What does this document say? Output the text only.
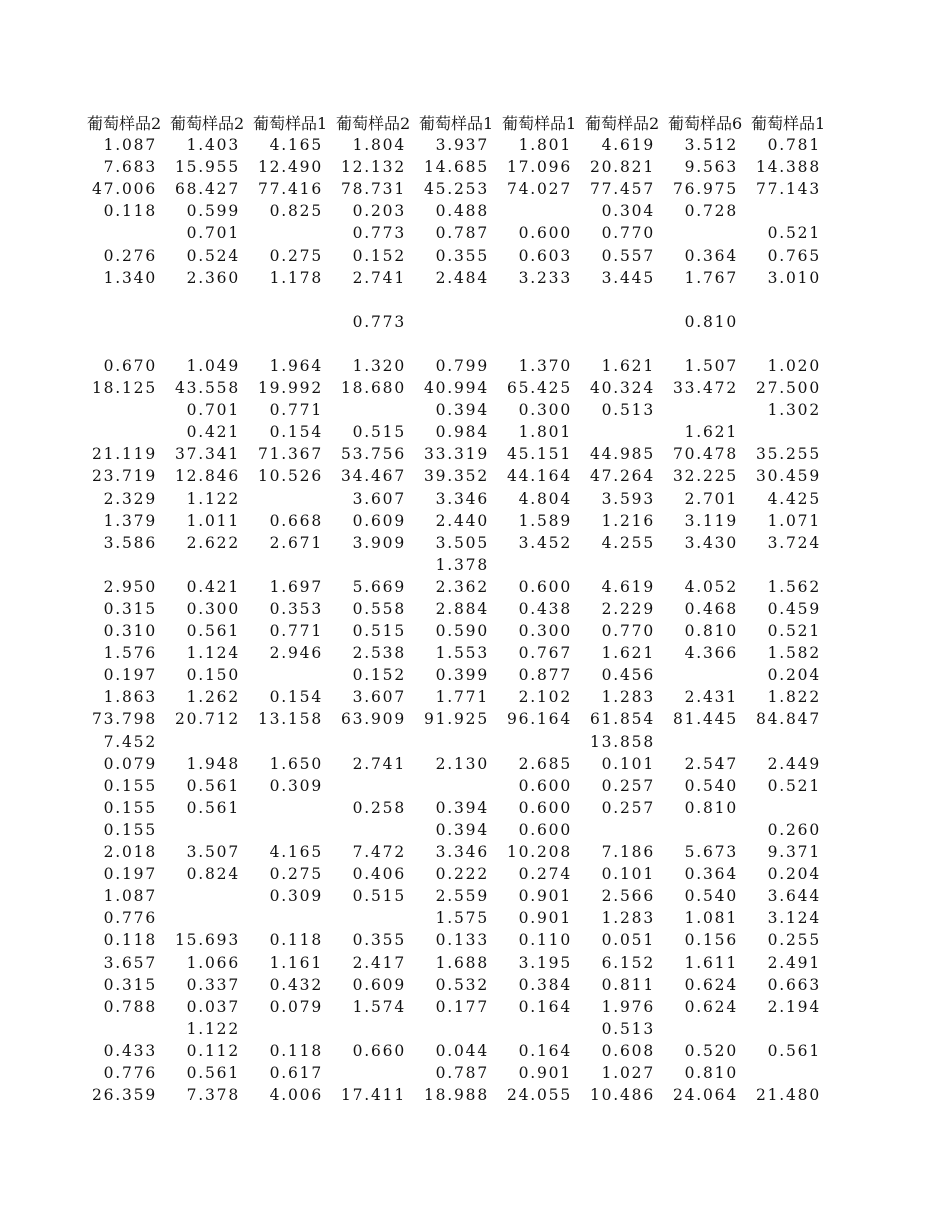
葡萄样品2	葡萄样品2	葡萄样品1	葡萄样品2	葡萄样品1	葡萄样品1	葡萄样品2	葡萄样品6	葡萄样品1
1.087	1.403	4.165	1.804	3.937	1.801	4.619	3.512	0.781
7.683	15.955	12.490	12.132	14.685	17.096	20.821	9.563	14.388
47.006	68.427	77.416	78.731	45.253	74.027	77.457	76.975	77.143
0.118	0.599	0.825	0.203	0.488		0.304	0.728	
	0.701		0.773	0.787	0.600	0.770		0.521
0.276	0.524	0.275	0.152	0.355	0.603	0.557	0.364	0.765
1.340	2.360	1.178	2.741	2.484	3.233	3.445	1.767	3.010

			0.773				0.810	

0.670	1.049	1.964	1.320	0.799	1.370	1.621	1.507	1.020
18.125	43.558	19.992	18.680	40.994	65.425	40.324	33.472	27.500
	0.701	0.771		0.394	0.300	0.513		1.302
	0.421	0.154	0.515	0.984	1.801		1.621	
21.119	37.341	71.367	53.756	33.319	45.151	44.985	70.478	35.255
23.719	12.846	10.526	34.467	39.352	44.164	47.264	32.225	30.459
2.329	1.122		3.607	3.346	4.804	3.593	2.701	4.425
1.379	1.011	0.668	0.609	2.440	1.589	1.216	3.119	1.071
3.586	2.622	2.671	3.909	3.505	3.452	4.255	3.430	3.724
				1.378				
2.950	0.421	1.697	5.669	2.362	0.600	4.619	4.052	1.562
0.315	0.300	0.353	0.558	2.884	0.438	2.229	0.468	0.459
0.310	0.561	0.771	0.515	0.590	0.300	0.770	0.810	0.521
1.576	1.124	2.946	2.538	1.553	0.767	1.621	4.366	1.582
0.197	0.150		0.152	0.399	0.877	0.456		0.204
1.863	1.262	0.154	3.607	1.771	2.102	1.283	2.431	1.822
73.798	20.712	13.158	63.909	91.925	96.164	61.854	81.445	84.847
7.452						13.858		
0.079	1.948	1.650	2.741	2.130	2.685	0.101	2.547	2.449
0.155	0.561	0.309			0.600	0.257	0.540	0.521
0.155	0.561		0.258	0.394	0.600	0.257	0.810	
0.155				0.394	0.600			0.260
2.018	3.507	4.165	7.472	3.346	10.208	7.186	5.673	9.371
0.197	0.824	0.275	0.406	0.222	0.274	0.101	0.364	0.204
1.087		0.309	0.515	2.559	0.901	2.566	0.540	3.644
0.776				1.575	0.901	1.283	1.081	3.124
0.118	15.693	0.118	0.355	0.133	0.110	0.051	0.156	0.255
3.657	1.066	1.161	2.417	1.688	3.195	6.152	1.611	2.491
0.315	0.337	0.432	0.609	0.532	0.384	0.811	0.624	0.663
0.788	0.037	0.079	1.574	0.177	0.164	1.976	0.624	2.194
	1.122					0.513		
0.433	0.112	0.118	0.660	0.044	0.164	0.608	0.520	0.561
0.776	0.561	0.617		0.787	0.901	1.027	0.810	
26.359	7.378	4.006	17.411	18.988	24.055	10.486	24.064	21.480
